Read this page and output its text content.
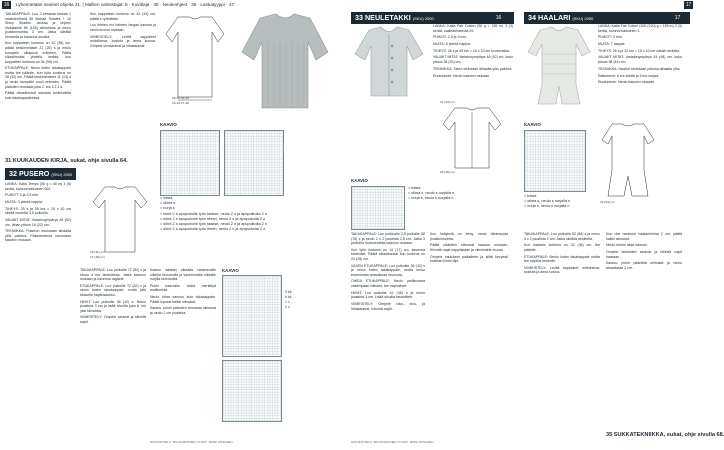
16	Lyhennetään neuleet ohjeita 31. | Mallien valmistajat: 8 · Kuvittaja · 35 · Neuleohjeet · 36 · Lankatyyppi · 47	17

TAKAKAPPALE: Luo 2 kerrasta lankaa 1 vaaleanvihreä 50 Mohair Shades + 10 Shiny Shades -lankaa ja ohjeen mukaisesti 85 (105) silmukkaa ja neulo joustinneuletta 3 cm. Jatka sileällä neuleella ja kavenna sivuilta.

Kun kappaleen korkeus on 32 (36) cm, päätä keskimmäiset 21 (25) s ja neulo kumpikin olkapuoli erikseen. Päätä olkasilmukat yhdellä kertaa, kun kappaleen korkeus on 34 (38) cm.

ETUKAPPALE: Neulo kuten takakappale mutta tee pääntie, kun työn korkeus on 28 (32) cm. Päätä keskimmäiset 11 (13) s ja neulo kumpikin puoli erikseen. Päätä pääntien reunasta joka 2. krs 3,2,1 s.

Päätä olkasilmukat samalla korkeudella kuin takakappaleessa.

31 KUUKAUDEN KIRJA, sukat, ohje sivulla 64.

Kun kappaleen korkeus on 42 (44) cm, päätä s ryhmittäin.

Luo lehtien rivi kahden langan kanssa ja neulo kuvion mukaan.

VIIMEISTELY: Levitä kappaleet mittoihinsa, kostuta ja anna kuivua. Ompele sivusaumat ja hihasaumat.

28-30-33-36
15-16-17-18
KAAVIO
= toista
= oikea s
= nurja s
= siirrä 2 s apupuikolle työn taakse, neulo 2 o ja apupuikolta 2 o
= siirrä 2 s apupuikolle työn eteen, neulo 2 o ja apupuikolta 2 o
= siirrä 2 s apupuikolle työn taakse, neulo 2 o ja apupuikolta 2 n
= siirrä 2 s apupuikolle työn eteen, neulo 2 n ja apupuikolta 2 o
32 PUSERO (SKU) 2000

LANKA: Katia Tempo (50 g = 40 m) 4 (5) kerää, luonnonvalkoinen 002.

PUIKOT: 3 ja 3,5 mm.

MUITA: 3 pientä nappia.

TIHEYS: 25 s ja 28 krs = 10 x 10 cm sileää neuletta 3,5 puikoilla.

VALMIIT MITAT: Vartalonympärys 48 (52) cm, hihan pituus 18 (22) cm.

TEKNIIKKA: Puseron neulotaan alhaalta ylös paloina. Paloneuleena neulotaan kaavion mukaan.

29 (31) cm
17 (18) cm

TAKAKAPPALE: Luo puikoille 72 (82) s ja neulo 4 krs ainaoikeaa. Jatka kaavion mukaan ja kavenna raglanit.

ETUKAPPALE: Luo puikoille 72 (82) s ja neulo kuten takakappale, mutta jätä keskelle napitusaukko.

HIHAT: Luo puikoille 38 (42) s. Neulo joustinta 3 cm ja lisää sivuilta joka 8. krs yksi silmukka.

VIIMEISTELY: Ompele saumat ja kiinnitä napit.

Kaavio luetaan oikealta vasemmalle oikeilla kerroksilla ja vasemmalta oikealle nurjilla kerroksilla.

Pukin kaavioita: toista merkittyä mallikertaa.

Neulo hihat samoin kuin takakappale. Päätä lopuksi kaikki silmukat.

Kaulus: poimi pääntien reunasta silmukat ja neulo 2 cm joustinta.

KAAVIO
3 kk
6 kk
1 v
2 v
SUUNNITTELU: MIA RAHKONEN, KUVAT: JENNI LIPSANEN
33 NEULETAKKI (SKU) 2000	16	34 HAALARI (SKU) 2000	17

LANKA: Katia Fair Cotton (50 g = 155 m) 3 (4) kerää, vaaleanharmaa 29.

PUIKOT: 2,5 ja 3 mm.

MUITA: 5 pientä nappia.

TIHEYS: 26 s ja 40 krs = 10 x 10 cm kuviomallia.

VALMIIT MITAT: Vartalonympärys 48 (52) cm, koko pituus 26 (30) cm.

TEKNIIKKA: Takki neulotaan alhaalta ylös paloina.

Ruutuneule: Neulo kaavion mukaan.

21 (23) cm
26 (30) cm
KAAVIO
= toista
= oikea s, neulo s nurjalla n
= nurja s, neulo s nurjalla o

TAKAKAPPALE: Luo puikkoille 2,5 puikoille 68 (78) s ja neulo 2 x 2 joustinta 2,5 cm. Jatka 3 puikoilla ruutuneuletta kaavion mukaan.

Kun työn korkeus on 14 (17) cm, kavenna kädentiet. Päätä olkasilmukat kun korkeus on 24 (28) cm.

VASEN ETUKAPPALE: Luo puikoille 36 (42) s ja neulo kuten takakappale, mutta neulo etureunaan ainaoikeaa reunusta.

OIKEA ETUKAPPALE: Neulo peilikuvana vasempaan nähden, tee napinlävet.

HIHAT: Luo puikoille 42 (48) s ja neulo joustinta 3 cm. Lisää sivuilta tasavälein.

VIIMEISTELY: Ompele olka-, sivu- ja hihasaumat. Kiinnitä napit.

Kun lisäyksiä on tehty, neulo hihansuuta joustinneuletta.

Päätä pääntien silmukat kaavion mukaan. Kiinnitä napit nappilistaan ja viimeistele reunat.

Ompele kaulukset paikalleen ja silitä kevyesti kostean liinan läpi.

SUUNNITTELU: MIA RAHKONEN, KUVAT: JENNI LIPSANEN

LANKA: Katia Fair Cotton (100 (120) g = 155 m) 2 (3) kerää, luonnonvalkoinen 1.

PUIKOT: 3 mm.

MUITA: 7 nappia.

TIHEYS: 26 s ja 32 krs = 10 x 10 cm sileää neuletta.

VALMIIT MITAT: Vartalonympärys 44 (48) cm, koko pituus 38 (44) cm.

TEKNIIKKA: Haalari neulotaan paloina alhaalta ylös.

Raitoneule: 6 krs sileää ja 4 krs nurjaa.

Ruutuneule: Neulo kaavion mukaan.

22 (24) cm
KAAVIO
= toista
= oikea s, neulo s nurjalla n
= nurja s, neulo s nurjalla o

TAKAKAPPALE: Luo puikoille 52 (58) s ja neulo 3 x 2 joustinta 2 cm. Jatka sileällä neuleella.

Kun haalarin korkeus on 32 (36) cm, tee pääntie.

ETUKAPPALE: Neulo kuten takakappale mutta tee napitus keskelle.

VIIMEISTELY: Levitä kappaleet mittoihinsa, kostuta ja anna kuivua.

Kun olet neulonut haalarinhihat 2 cm, päätä kaikki silmukat.

Neulo toinen lahje samoin.

Ompele lahkeiden saumat ja kiinnitä napit haaraan.

Kaulus: poimi pääntiltä silmukat ja neulo ainaoikeaa 2 cm.

35 SUKKATEKNIIKKA, sukat, ohje sivulla 68.
